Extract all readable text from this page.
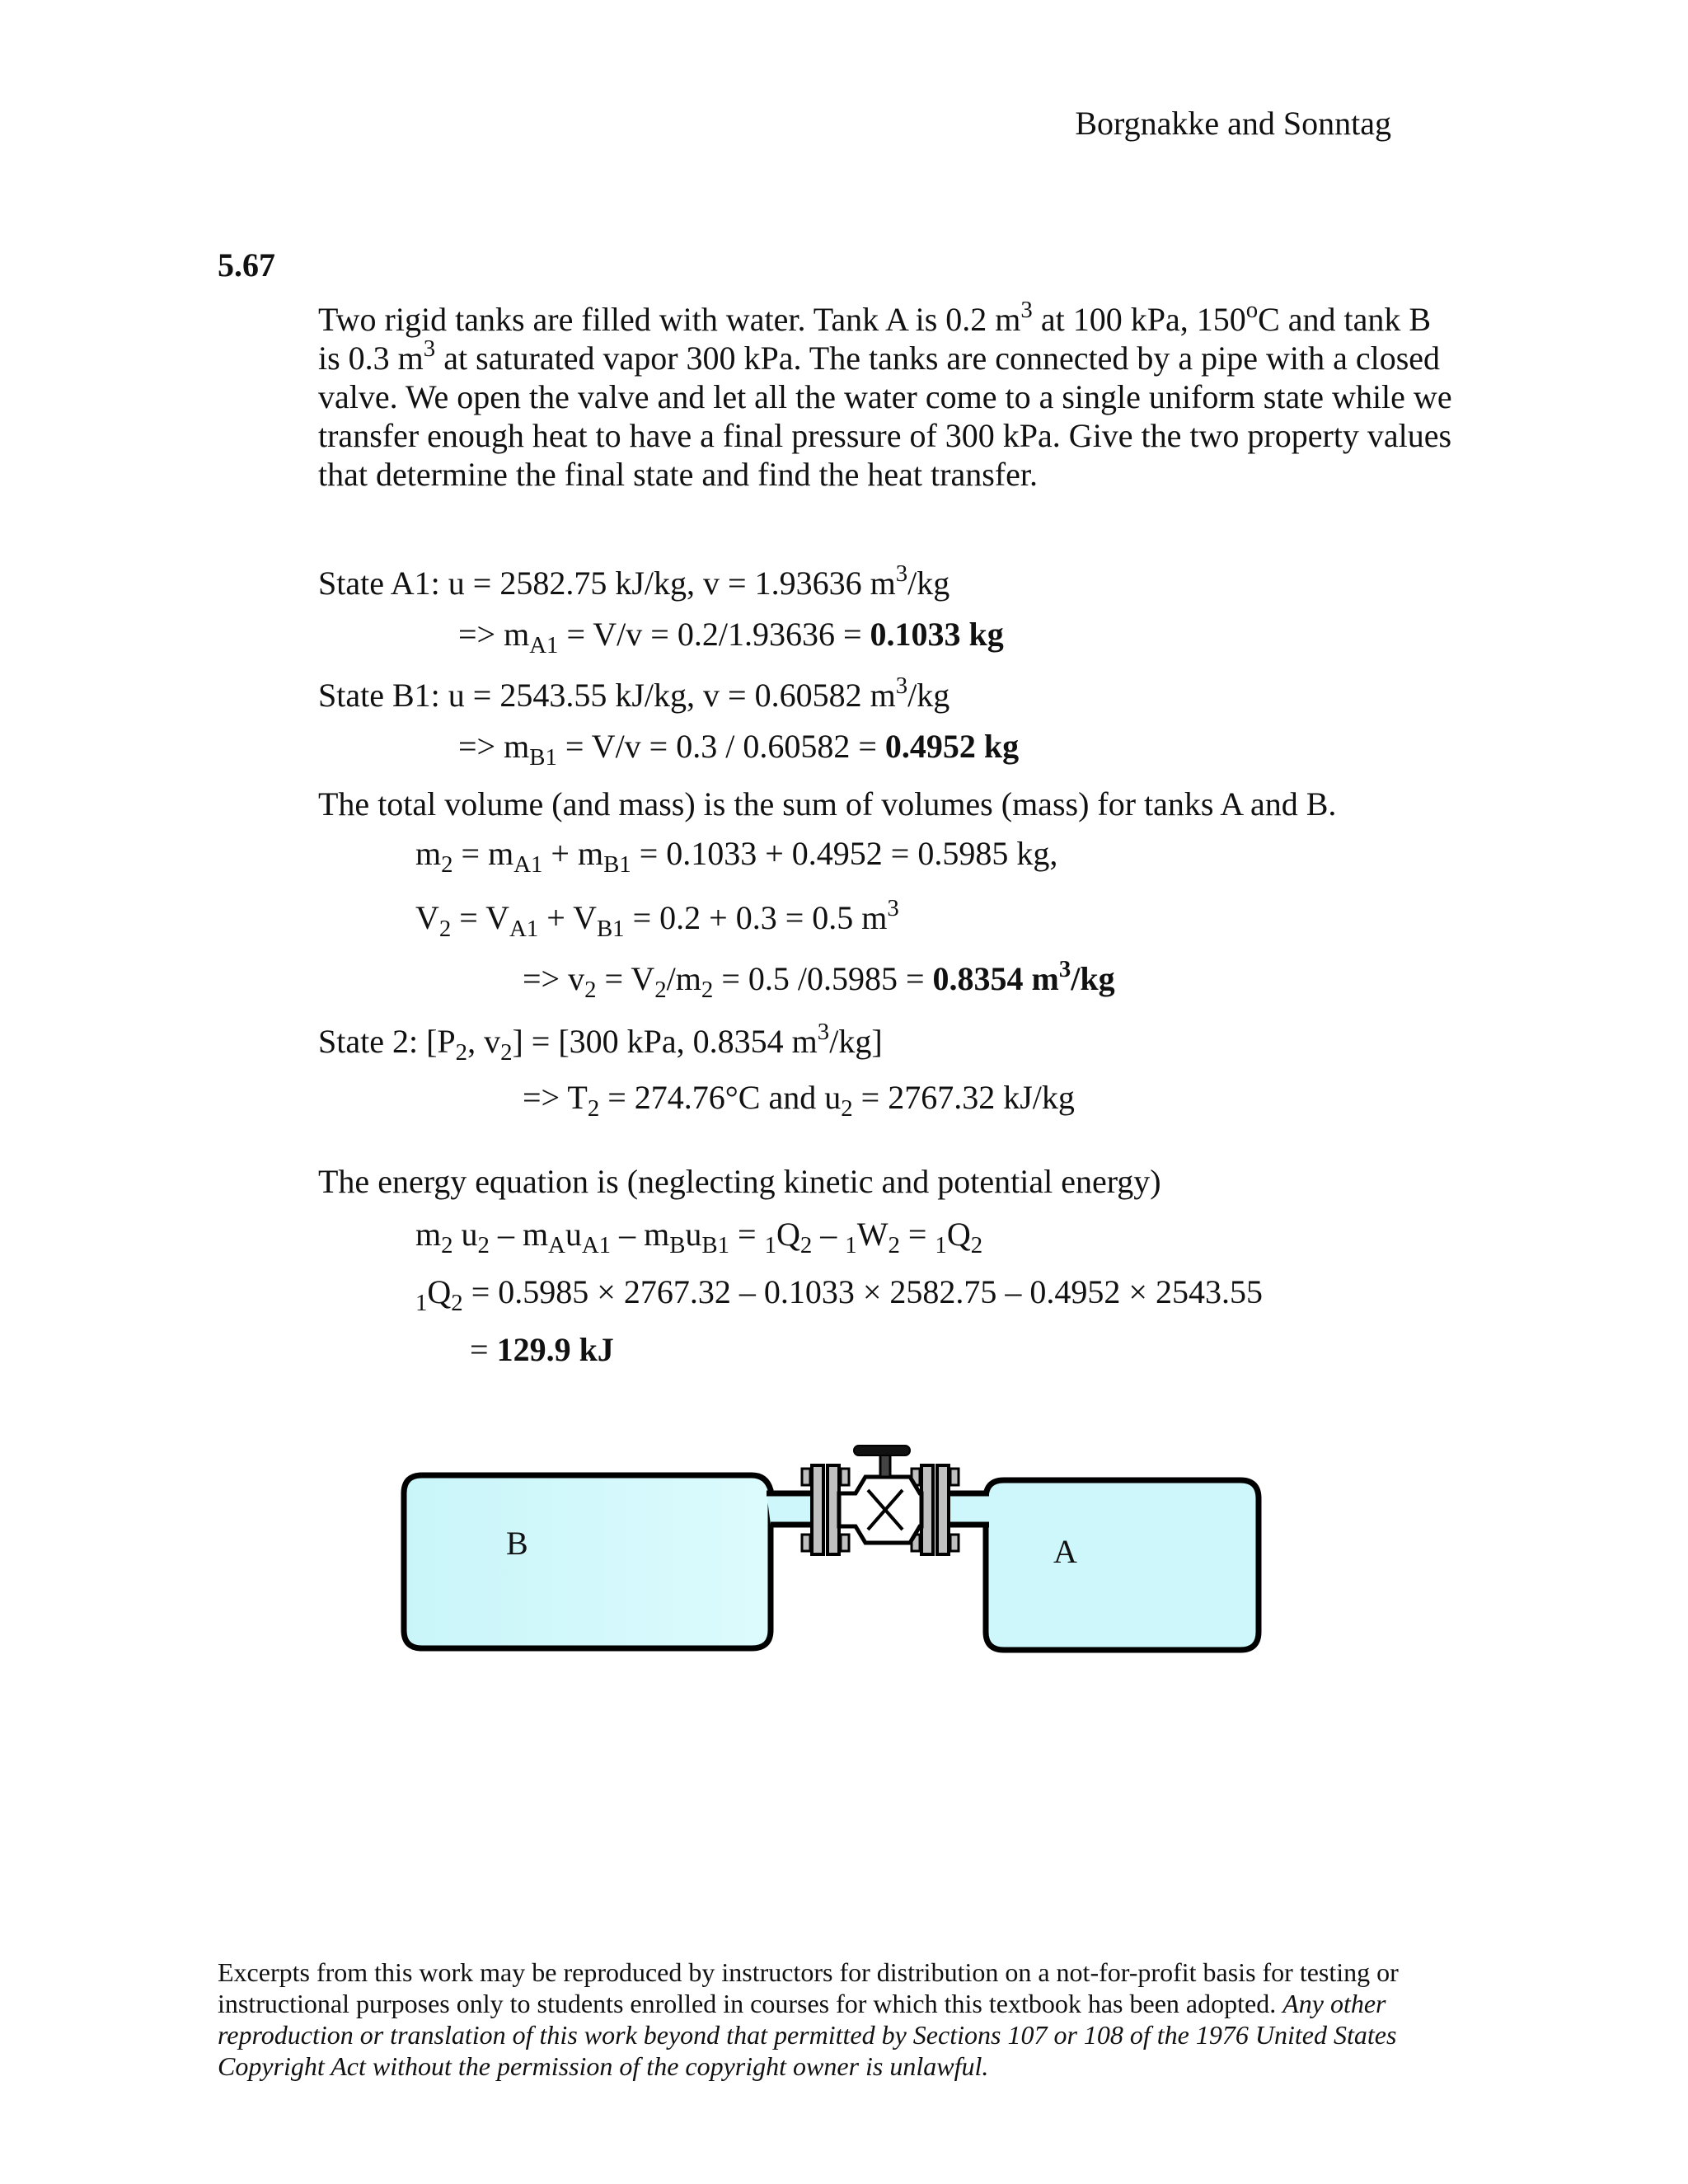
Borgnakke and Sonntag
5.67

Two rigid tanks are filled with water. Tank A is 0.2 $m^3$ at 100 kPa, 150$^o$C and tank B

is 0.3 $m^3$ at saturated vapor 300 kPa. The tanks are connected by a pipe with a closed

valve. We open the valve and let all the water come to a single uniform state while we

transfer enough heat to have a final pressure of 300 kPa. Give the two property values

that determine the final state and find the heat transfer.

State A1: u = 2582.75 kJ/kg, v = 1.93636 $m^3/kg$
=> $m_{A1} = V/v = 0.2/1.93636 = 0.1033$ kg
State B1: u = 2543.55 kJ/kg, v = 0.60582 $m^3/kg$
=> $m_{B1} = V/v = 0.3 / 0.60582 = 0.4952$ kg
The total volume (and mass) is the sum of volumes (mass) for tanks A and B.
$m_2 = m_{A1} + m_{B1} = 0.1033 + 0.4952 = 0.5985$ kg,
$V_2 = V_{A1} + V_{B1} = 0.2 + 0.3 = 0.5$ $m^3$
=> $v_2 = V_2/m_2 = 0.5$ /0.5985 = 0.8354 $m^3/kg$
State 2: [$P_2$, $v_2] = [300$ kPa, 0.8354 $m^3/kg$]
=> $T_2 = 274.76^\circ C$ and $u_2 = 2767.32$ kJ/kg
The energy equation is (neglecting kinetic and potential energy)
$m_2$ $u_2 - m_Au_{A1} - m_Bu_{B1} = _1Q_2 - _1W_2 = _1Q_2$
$_1Q_2 = 0.5985 \times 2767.32 - 0.1033 \times 2582.75 - 0.4952 \times 2543.55$
= 129.9 kJ
B	A
Excerpts from this work may be reproduced by instructors for distribution on a not-for-profit basis for testing or instructional purposes only to students enrolled in courses for which this textbook has been adopted. Any other reproduction or translation of this work beyond that permitted by Sections 107 or 108 of the 1976 United States Copyright Act without the permission of the copyright owner is unlawful.
